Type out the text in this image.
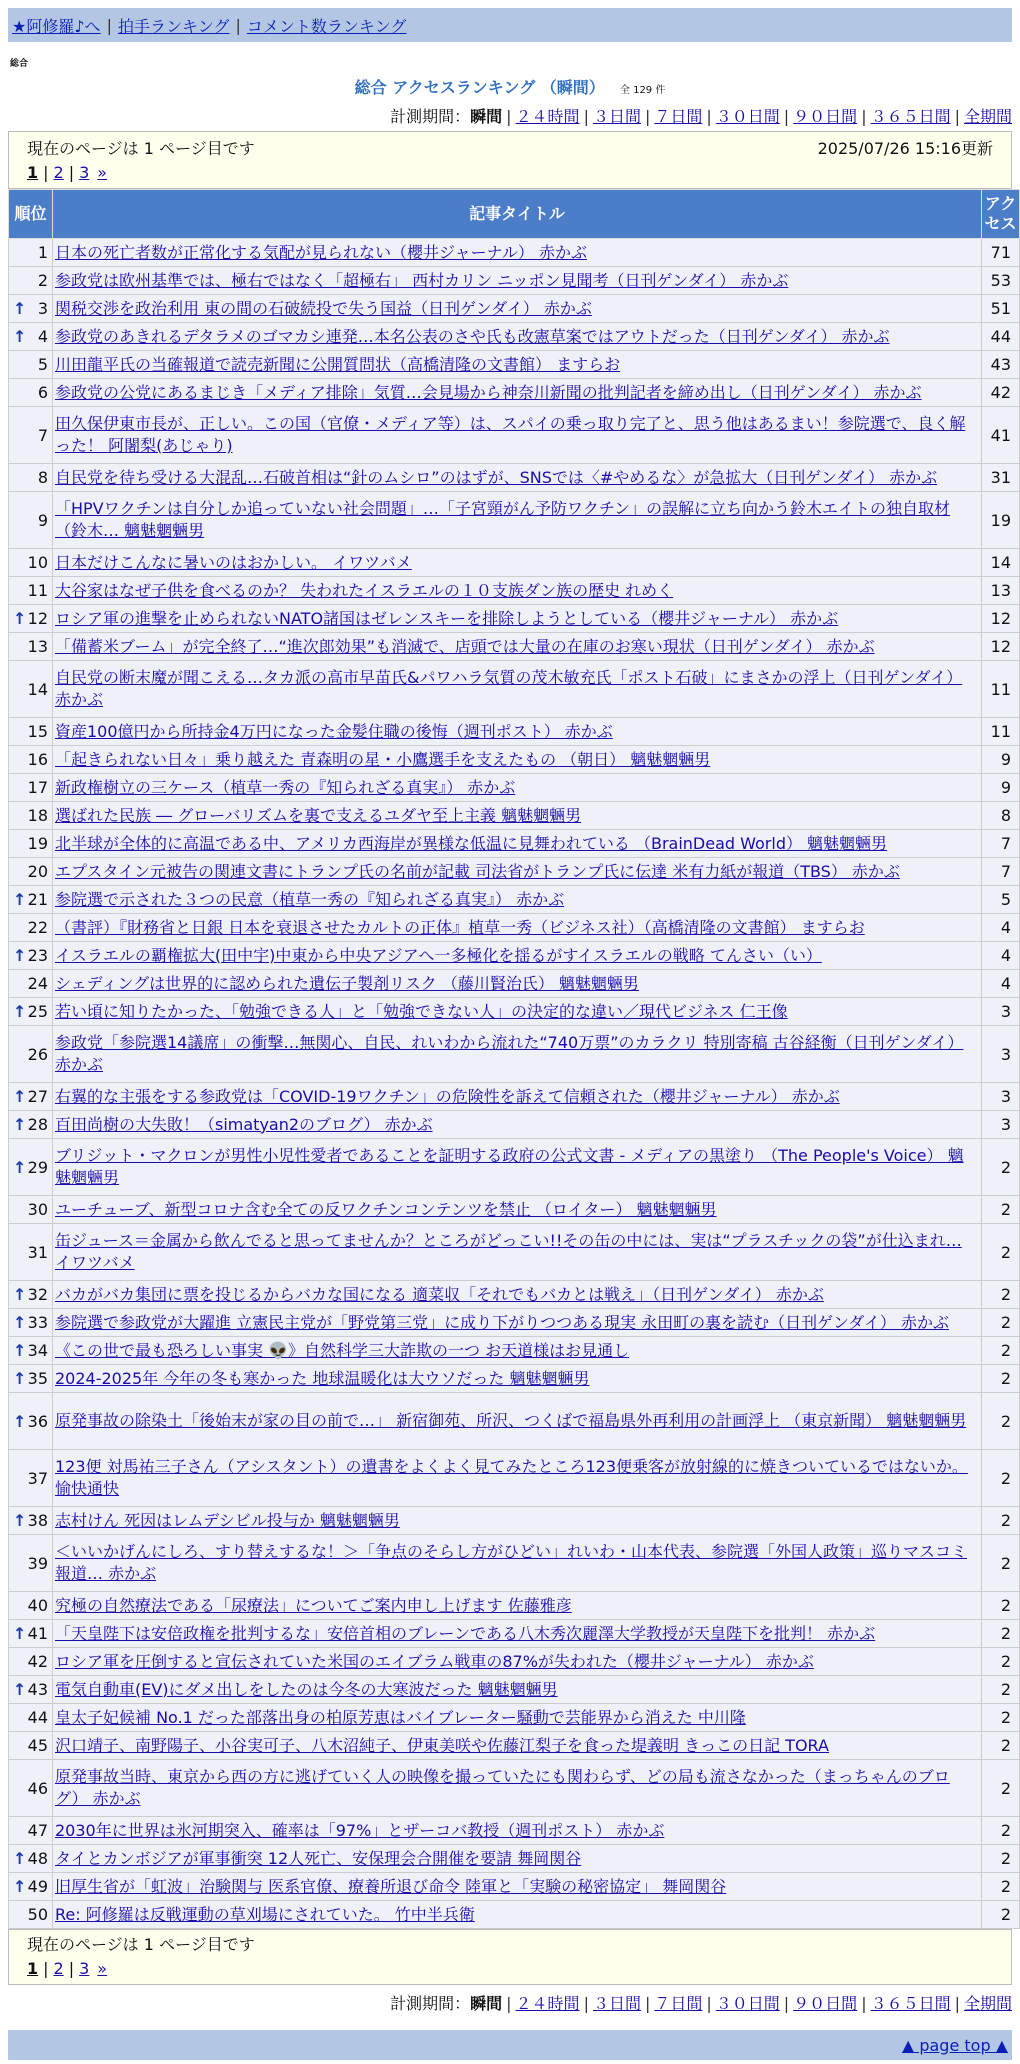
★阿修羅♪へ | 拍手ランキング | コメント数ランキング
総合
総合 アクセスランキング （瞬間） 全 129 件
計測期間：瞬間 | ２４時間 | ３日間 | ７日間 | ３０日間 | ９０日間 | ３６５日間 | 全期間
現在のページは 1 ページ目です	2025/07/26 15:16更新
1 | 2 | 3 »
順位	記事タイトル	アクセス
1	日本の死亡者数が正常化する気配が見られない（櫻井ジャーナル） 赤かぶ	71
2	参政党は欧州基準では、極右ではなく「超極右」 西村カリン ニッポン見聞考（日刊ゲンダイ） 赤かぶ	53

↑ 3	関税交渉を政治利用 東の間の石破続投で失う国益（日刊ゲンダイ） 赤かぶ	51

↑ 4	参政党のあきれるデタラメのゴマカシ連発…本名公表のさや氏も改憲草案ではアウトだった（日刊ゲンダイ） 赤かぶ	44
5	川田龍平氏の当確報道で読売新聞に公開質問状（高橋清隆の文書館） ますらお	43
6	参政党の公党にあるまじき「メディア排除」気質…会見場から神奈川新聞の批判記者を締め出し（日刊ゲンダイ） 赤かぶ	42
7	田久保伊東市長が、正しい。この国（官僚・メディア等）は、スパイの乗っ取り完了と、思う他はあるまい！参院選で、良く解った！ 阿闍梨(あじゃり)	41
8	自民党を待ち受ける大混乱…石破首相は“針のムシロ”のはずが、SNSでは〈#やめるな〉が急拡大（日刊ゲンダイ） 赤かぶ	31
9	「HPVワクチンは自分しか追っていない社会問題」…「子宮頸がん予防ワクチン」の誤解に立ち向かう鈴木エイトの独自取材（鈴木… 魑魅魍魎男	19
10	日本だけこんなに暑いのはおかしい。 イワツバメ	14
11	大谷家はなぜ子供を食べるのか？ 失われたイスラエルの１０支族ダン族の歴史 れめく	13

↑ 12	ロシア軍の進撃を止められないNATO諸国はゼレンスキーを排除しようとしている（櫻井ジャーナル） 赤かぶ	12
13	「備蓄米ブーム」が完全終了…“進次郎効果”も消滅で、店頭では大量の在庫のお寒い現状（日刊ゲンダイ） 赤かぶ	12
14	自民党の断末魔が聞こえる…タカ派の高市早苗氏&パワハラ気質の茂木敏充氏「ポスト石破」にまさかの浮上（日刊ゲンダイ） 赤かぶ	11
15	資産100億円から所持金4万円になった金髪住職の後悔（週刊ポスト） 赤かぶ	11
16	「起きられない日々」乗り越えた 青森明の星・小鷹選手を支えたもの （朝日） 魑魅魍魎男	9
17	新政権樹立の三ケース（植草一秀の『知られざる真実』） 赤かぶ	9
18	選ばれた民族 ― グローバリズムを裏で支えるユダヤ至上主義 魑魅魍魎男	8
19	北半球が全体的に高温である中、アメリカ西海岸が異様な低温に見舞われている （BrainDead World） 魑魅魍魎男	7
20	エプスタイン元被告の関連文書にトランプ氏の名前が記載 司法省がトランプ氏に伝達 米有力紙が報道（TBS） 赤かぶ	7

↑ 21	参院選で示された３つの民意（植草一秀の『知られざる真実』） 赤かぶ	5
22	（書評）『財務省と日銀 日本を衰退させたカルトの正体』植草一秀（ビジネス社）（高橋清隆の文書館） ますらお	4

↑ 23	イスラエルの覇権拡大(田中宇)中東から中央アジアへ一多極化を揺るがすイスラエルの戦略 てんさい（い）	4
24	シェディングは世界的に認められた遺伝子製剤リスク （藤川賢治氏） 魑魅魍魎男	4

↑ 25	若い頃に知りたかった、「勉強できる人」と「勉強できない人」の決定的な違い／現代ビジネス 仁王像	3
26	参政党「参院選14議席」の衝撃…無関心、自民、れいわから流れた“740万票”のカラクリ 特別寄稿 古谷経衡（日刊ゲンダイ） 赤かぶ	3

↑ 27	右翼的な主張をする参政党は「COVID-19ワクチン」の危険性を訴えて信頼された（櫻井ジャーナル） 赤かぶ	3

↑ 28	百田尚樹の大失敗！（simatyan2のブログ） 赤かぶ	3

↑ 29	ブリジット・マクロンが男性小児性愛者であることを証明する政府の公式文書 - メディアの黒塗り （The People's Voice） 魑魅魍魎男	2
30	ユーチューブ、新型コロナ含む全ての反ワクチンコンテンツを禁止 （ロイター） 魑魅魍魎男	2
31	缶ジュース＝金属から飲んでると思ってませんか？ところがどっこい!!その缶の中には、実は“プラスチックの袋”が仕込まれ… イワツバメ	2

↑ 32	バカがバカ集団に票を投じるからバカな国になる 適菜収「それでもバカとは戦え」（日刊ゲンダイ） 赤かぶ	2

↑ 33	参院選で参政党が大躍進 立憲民主党が「野党第三党」に成り下がりつつある現実 永田町の裏を読む（日刊ゲンダイ） 赤かぶ	2

↑ 34	《この世で最も恐ろしい事実 👽》自然科学三大詐欺の一つ お天道様はお見通し	2

↑ 35	2024-2025年 今年の冬も寒かった 地球温暖化は大ウソだった 魑魅魍魎男	2

↑ 36	原発事故の除染土「後始末が家の目の前で…」 新宿御苑、所沢、つくばで福島県外再利用の計画浮上 （東京新聞） 魑魅魍魎男	2
37	123便 対馬祐三子さん（アシスタント）の遺書をよくよく見てみたところ123便乗客が放射線的に焼きついているではないか。 愉快通快	2

↑ 38	志村けん 死因はレムデシビル投与か 魑魅魍魎男	2
39	＜いいかげんにしろ、すり替えするな！＞「争点のそらし方がひどい」れいわ・山本代表、参院選「外国人政策」巡りマスコミ報道… 赤かぶ	2
40	究極の自然療法である「尿療法」についてご案内申し上げます 佐藤雅彦	2

↑ 41	「天皇陛下は安倍政権を批判するな」安倍首相のブレーンである八木秀次麗澤大学教授が天皇陛下を批判！ 赤かぶ	2
42	ロシア軍を圧倒すると宣伝されていた米国のエイブラム戦車の87%が失われた（櫻井ジャーナル） 赤かぶ	2

↑ 43	電気自動車(EV)にダメ出しをしたのは今冬の大寒波だった 魑魅魍魎男	2
44	皇太子妃候補 No.1 だった部落出身の柏原芳恵はバイブレーター騒動で芸能界から消えた 中川隆	2
45	沢口靖子、南野陽子、小谷実可子、八木沼純子、伊東美咲や佐藤江梨子を食った堤義明 きっこの日記 TORA	2
46	原発事故当時、東京から西の方に逃げていく人の映像を撮っていたにも関わらず、どの局も流さなかった（まっちゃんのブログ） 赤かぶ	2
47	2030年に世界は氷河期突入、確率は「97%」とザーコバ教授（週刊ポスト） 赤かぶ	2

↑ 48	タイとカンボジアが軍事衝突 12人死亡、安保理会合開催を要請 舞岡関谷	2

↑ 49	旧厚生省が「虹波」治験関与 医系官僚、療養所退び命令 陸軍と「実験の秘密協定」 舞岡関谷	2
50	Re: 阿修羅は反戦運動の草刈場にされていた。 竹中半兵衛	2
現在のページは 1 ページ目です
1 | 2 | 3 »
計測期間：瞬間 | ２４時間 | ３日間 | ７日間 | ３０日間 | ９０日間 | ３６５日間 | 全期間
▲ page top ▲
